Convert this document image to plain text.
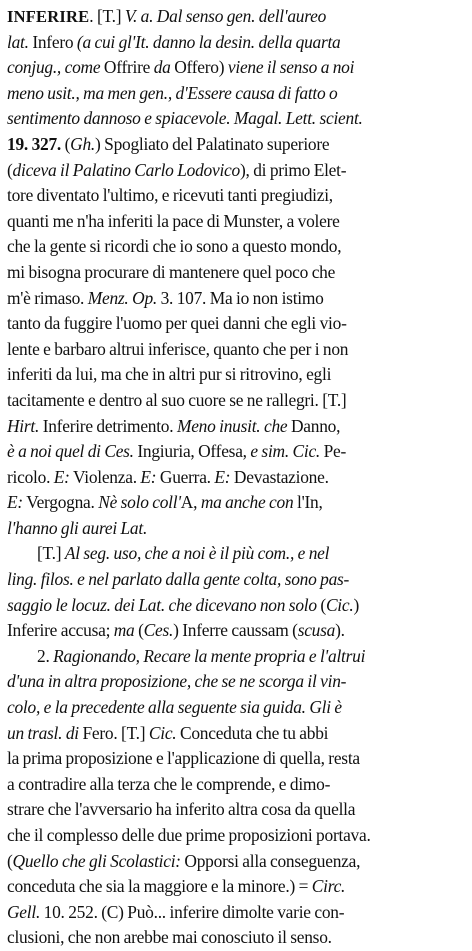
INFERIRE. [T.] V. a. Dal senso gen. dell'aureo
lat. Infero (a cui gl'It. danno la desin. della quarta
conjug., come Offrire da Offero) viene il senso a noi
meno usit., ma men gen., d'Essere causa di fatto o
sentimento dannoso e spiacevole. Magal. Lett. scient.
19. 327. (Gh.) Spogliato del Palatinato superiore
(diceva il Palatino Carlo Lodovico), di primo Elet-
tore diventato l'ultimo, e ricevuti tanti pregiudizi,
quanti me n'ha inferiti la pace di Munster, a volere
che la gente si ricordi che io sono a questo mondo,
mi bisogna procurare di mantenere quel poco che
m'è rimaso. Menz. Op. 3. 107. Ma io non istimo
tanto da fuggire l'uomo per quei danni che egli vio-
lente e barbaro altrui inferisce, quanto che per i non
inferiti da lui, ma che in altri pur si ritrovino, egli
tacitamente e dentro al suo cuore se ne rallegri. [T.]
Hirt. Inferire detrimento. Meno inusit. che Danno,
è a noi quel di Ces. Ingiuria, Offesa, e sim. Cic. Pe-
ricolo. E: Violenza. E: Guerra. E: Devastazione.
E: Vergogna. Nè solo coll'A, ma anche con l'In,
l'hanno gli aurei Lat.
[T.] Al seg. uso, che a noi è il più com., e nel
ling. filos. e nel parlato dalla gente colta, sono pas-
saggio le locuz. dei Lat. che dicevano non solo (Cic.)
Inferire accusa; ma (Ces.) Inferre caussam (scusa).
2. Ragionando, Recare la mente propria e l'altrui
d'una in altra proposizione, che se ne scorga il vin-
colo, e la precedente alla seguente sia guida. Gli è
un trasl. di Fero. [T.] Cic. Conceduta che tu abbi
la prima proposizione e l'applicazione di quella, resta
a contradire alla terza che le comprende, e dimo-
strare che l'avversario ha inferito altra cosa da quella
che il complesso delle due prime proposizioni portava.
(Quello che gli Scolastici: Opporsi alla conseguenza,
conceduta che sia la maggiore e la minore.) = Circ.
Gell. 10. 252. (C) Può... inferire dimolte varie con-
clusioni, che non arebbe mai conosciuto il senso.
